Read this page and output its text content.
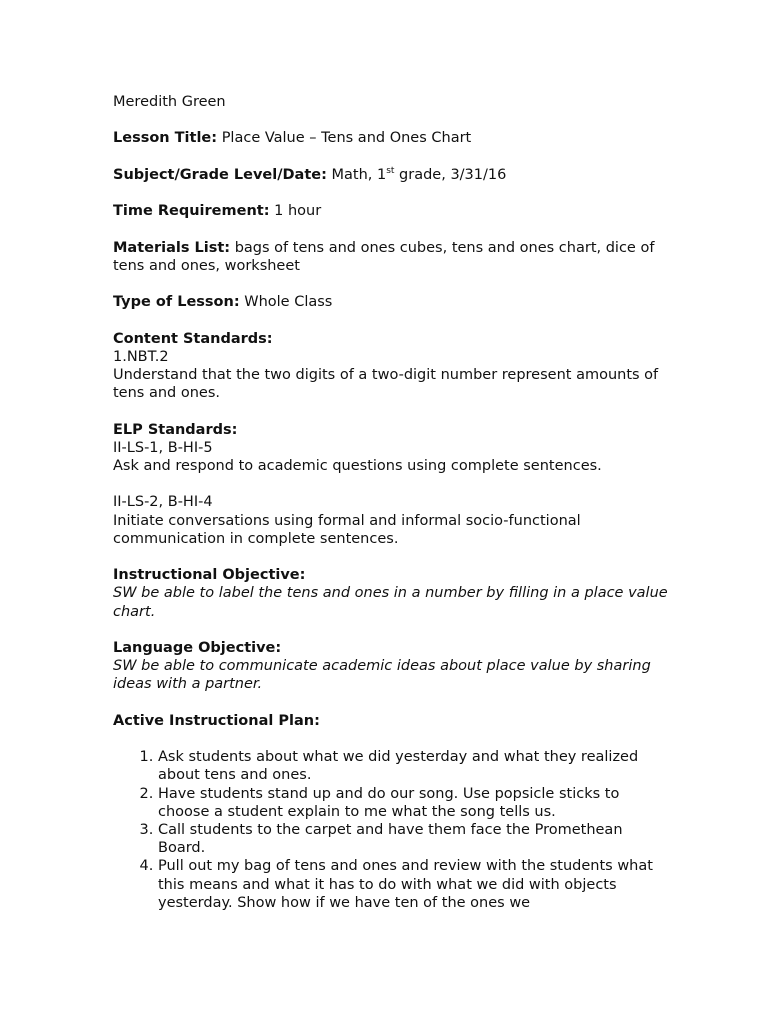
Meredith Green

Lesson Title: Place Value – Tens and Ones Chart

Subject/Grade Level/Date: Math, 1st grade, 3/31/16

Time Requirement: 1 hour

Materials List: bags of tens and ones cubes, tens and ones chart, dice of tens and ones, worksheet

Type of Lesson: Whole Class

Content Standards:

1.NBT.2

Understand that the two digits of a two-digit number represent amounts of tens and ones.

ELP Standards:

II-LS-1, B-HI-5

Ask and respond to academic questions using complete sentences.

II-LS-2, B-HI-4

Initiate conversations using formal and informal socio-functional communication in complete sentences.

Instructional Objective:

SW be able to label the tens and ones in a number by filling in a place value chart.

Language Objective:

SW be able to communicate academic ideas about place value by sharing ideas with a partner.

Active Instructional Plan:

1. Ask students about what we did yesterday and what they realized about tens and ones.
2. Have students stand up and do our song. Use popsicle sticks to choose a student explain to me what the song tells us.
3. Call students to the carpet and have them face the Promethean Board.
4. Pull out my bag of tens and ones and review with the students what this means and what it has to do with what we did with objects yesterday. Show how if we have ten of the ones we
